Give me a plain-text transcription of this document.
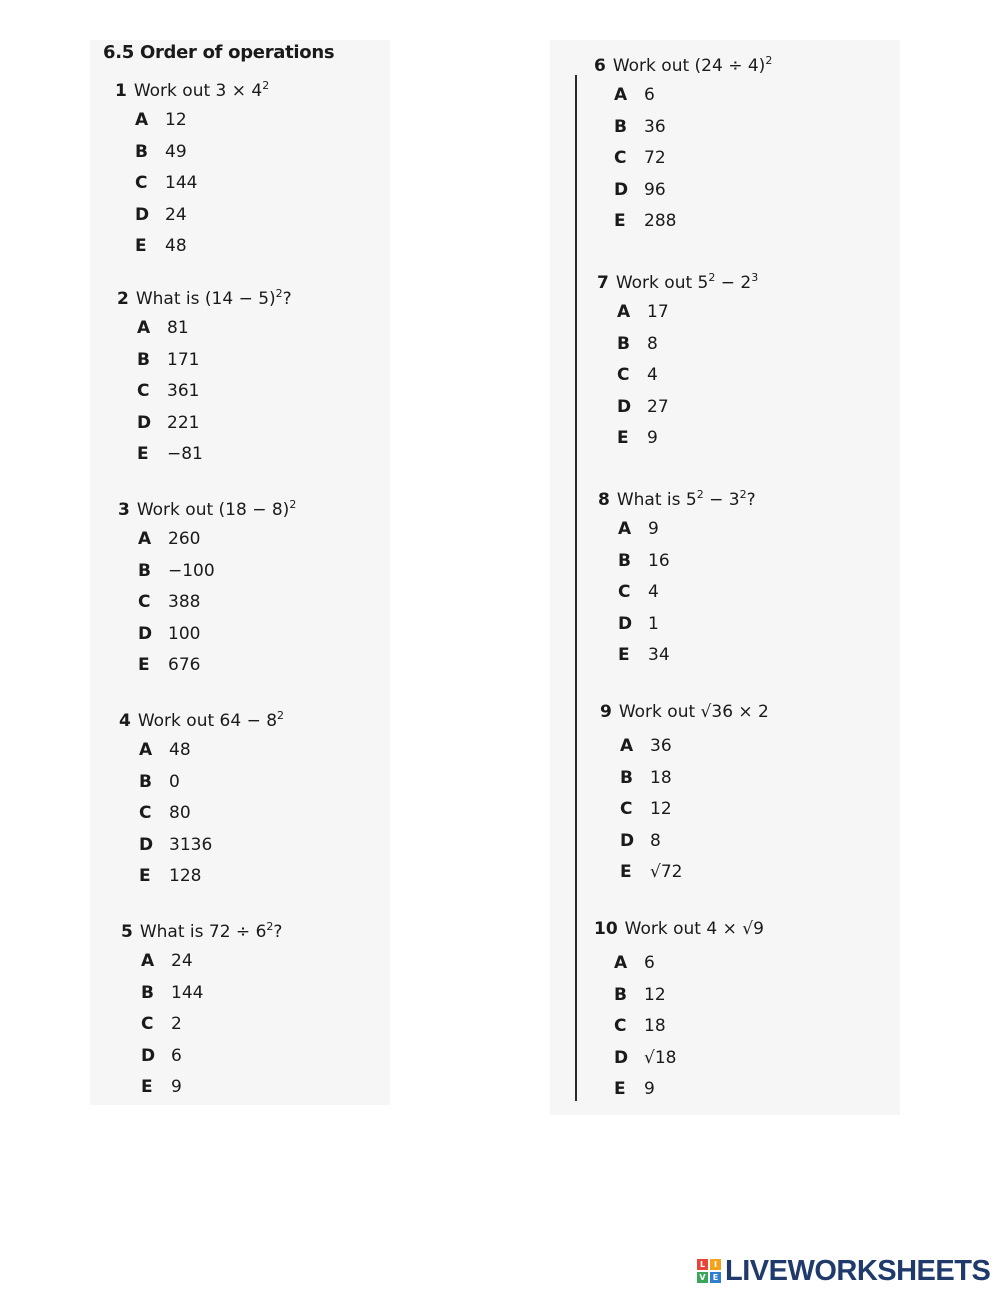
6.5 Order of operations
1 Work out $3 \times 4^2$
A 12
B 49
C 144
D 24
E 48
2 What is $(14 - 5)^2$?
A 81
B 171
C 361
D 221
E −81
3 Work out $(18 - 8)^2$
A 260
B −100
C 388
D 100
E 676
4 Work out $64 - 8^2$
A 48
B 0
C 80
D 3136
E 128
5 What is $72 \div 6^2$?
A 24
B 144
C 2
D 6
E 9
6 Work out $(24 \div 4)^2$
A 6
B 36
C 72
D 96
E 288
7 Work out $5^2 - 2^3$
A 17
B 8
C 4
D 27
E 9
8 What is $5^2 - 3^2$?
A 9
B 16
C 4
D 1
E 34
9 Work out √36 × 2
A 36
B 18
C 12
D 8
E √72
10 Work out 4 × √9
A 6
B 12
C 18
D √18
E 9
L	I
V E LIVEWORKSHEETS
